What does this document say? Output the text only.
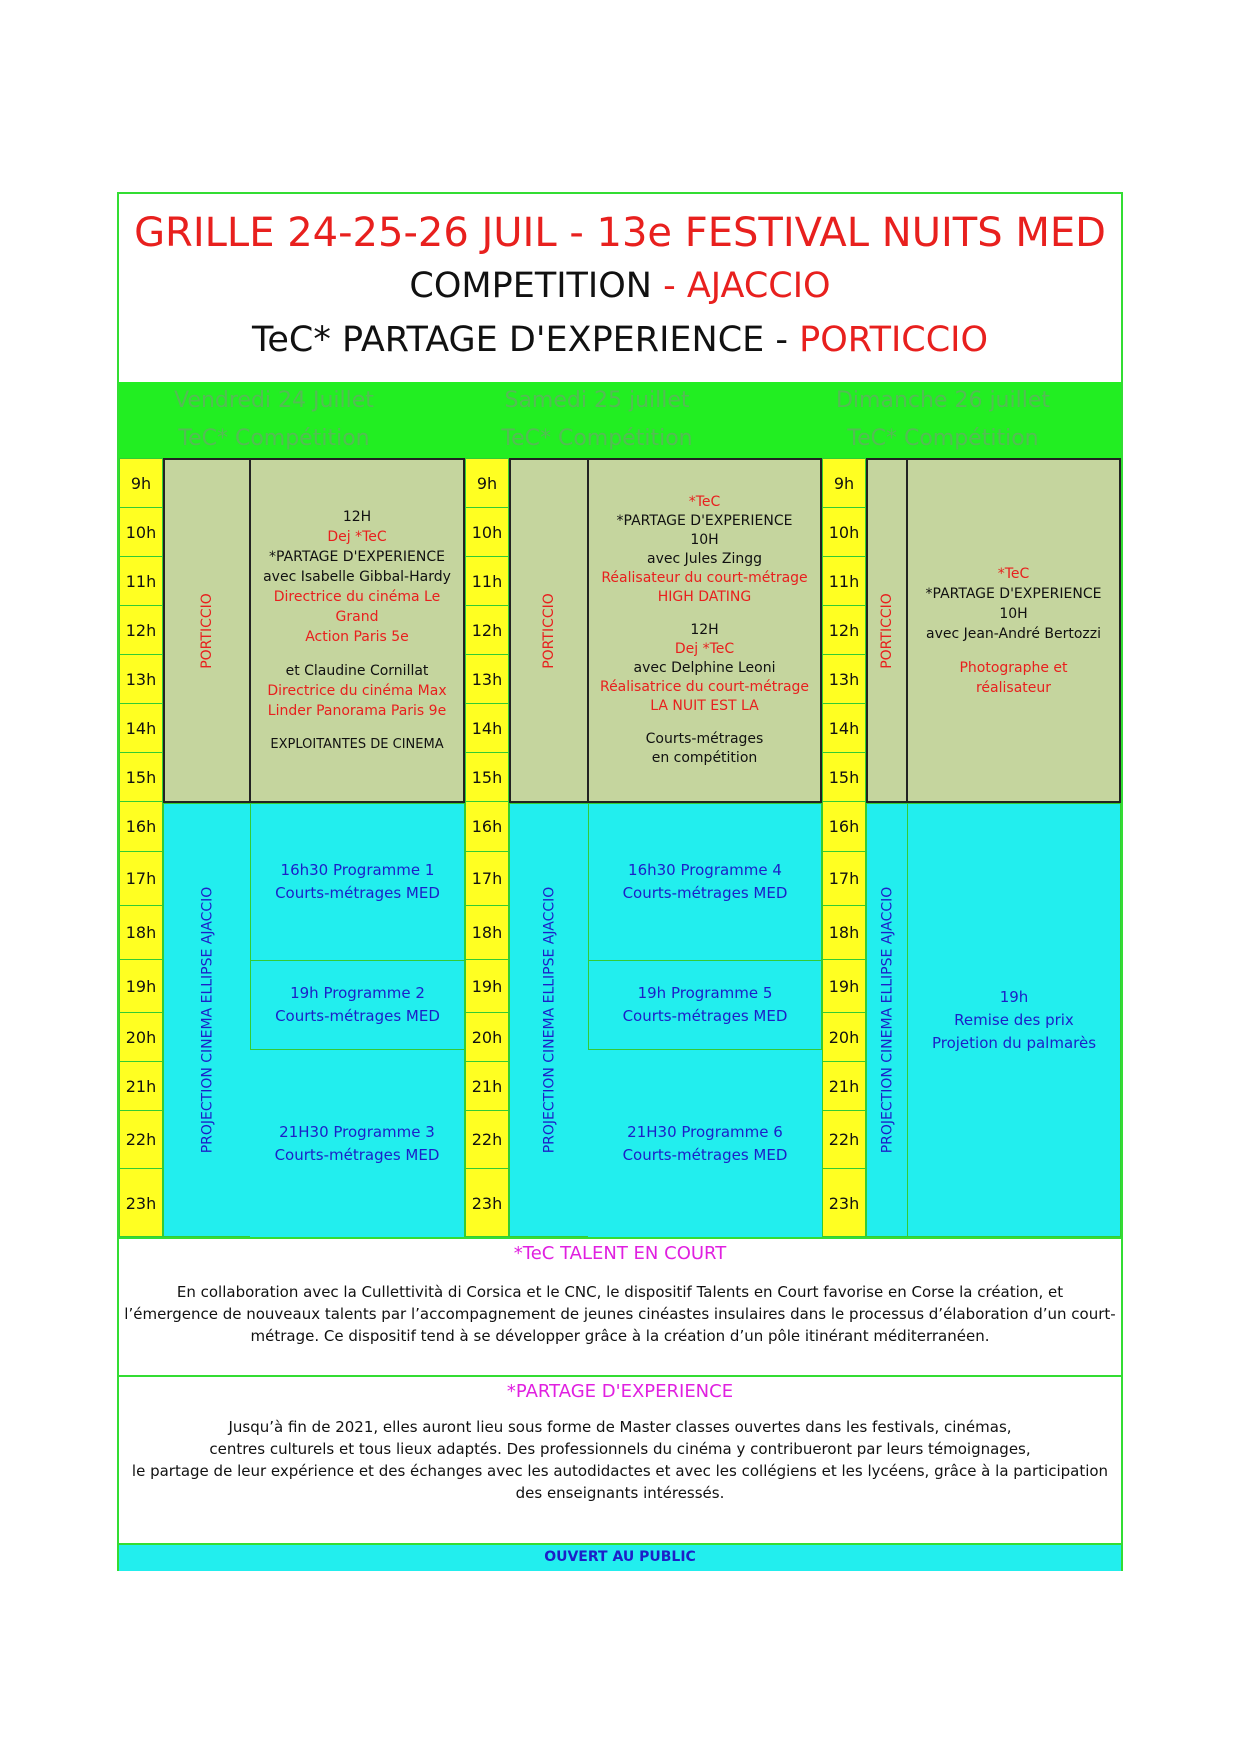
GRILLE 24-25-26 JUIL - 13e FESTIVAL NUITS MED
COMPETITION - AJACCIO
TeC* PARTAGE D'EXPERIENCE - PORTICCIO
Vendredi 24 Juillet
TeC* Compétition
Samedi 25 juillet
TeC* Compétition
Dimanche 26 juillet
TeC* Compétition
9h
10h
11h
12h
13h
14h
15h
16h
17h
18h
19h
20h
21h
22h
23h
9h
10h
11h
12h
13h
14h
15h
16h
17h
18h
19h
20h
21h
22h
23h
9h
10h
11h
12h
13h
14h
15h
16h
17h
18h
19h
20h
21h
22h
23h
PORTICCIO
12H
Dej *TeC
*PARTAGE D'EXPERIENCE
avec Isabelle Gibbal-Hardy
Directrice du cinéma Le Grand
Action Paris 5e
et Claudine Cornillat
Directrice du cinéma Max
Linder Panorama Paris 9e
EXPLOITANTES DE CINEMA
PROJECTION CINEMA ELLIPSE AJACCIO
16h30 Programme 1
Courts-métrages MED
19h Programme 2
Courts-métrages MED
21H30 Programme 3
Courts-métrages MED
PORTICCIO
*TeC
*PARTAGE D'EXPERIENCE
10H
avec Jules Zingg
Réalisateur du court-métrage
HIGH DATING
12H
Dej *TeC
avec Delphine Leoni
Réalisatrice du court-métrage
LA NUIT EST LA
Courts-métrages
en compétition
PROJECTION CINEMA ELLIPSE AJACCIO
16h30 Programme 4
Courts-métrages MED
19h Programme 5
Courts-métrages MED
21H30 Programme 6
Courts-métrages MED
PORTICCIO
*TeC
*PARTAGE D'EXPERIENCE
10H
avec Jean-André Bertozzi
Photographe et
réalisateur
PROJECTION CINEMA ELLIPSE AJACCIO	19h
Remise des prix
Projetion du palmarès
*TeC TALENT EN COURT
En collaboration avec la Cullettività di Corsica et le CNC, le dispositif Talents en Court favorise en Corse la création, et
l’émergence de nouveaux talents par l’accompagnement de jeunes cinéastes insulaires dans le processus d’élaboration d’un court-
métrage. Ce dispositif tend à se développer grâce à la création d’un pôle itinérant méditerranéen.
*PARTAGE D'EXPERIENCE
Jusqu’à fin de 2021, elles auront lieu sous forme de Master classes ouvertes dans les festivals, cinémas,
centres culturels et tous lieux adaptés. Des professionnels du cinéma y contribueront par leurs témoignages,
le partage de leur expérience et des échanges avec les autodidactes et avec les collégiens et les lycéens, grâce à la participation
des enseignants intéressés.
OUVERT AU PUBLIC
